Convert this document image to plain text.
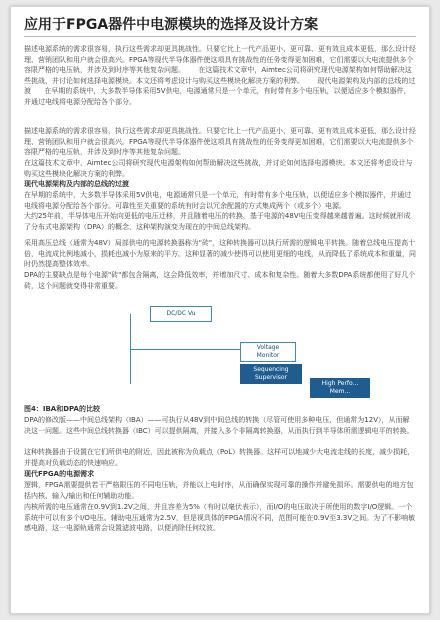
应用于FPGA器件中电源模块的选择及设计方案
描述电源系统的需求很容易，执行这些需求却更具挑战性。只要它比上一代产品更小、更可靠、更有效且成本更低，那么设计经理、营销团队和用户就会很高兴。FPGA等现代半导体器件使这项具有挑战性的任务变得更加困难，它们需要以大电流提供多个容限严格的电压轨，并涉及到时序等其他复杂问题。      在这篇技术文章中，Aimtec公司将研究现代电源架构如何帮助解决这些挑战，并讨论如何选择电源模块。本文还将考虑设计与购买这些模块化解决方案的利弊。      现代电源架构及内部的总线的过渡      在早期的系统中，大多数半导体采用5V供电，电源通常只是一个单元，有时带有多个电压轨，以便适应多个模拟器件，并通过电线将电源分配给各个部分。
描述电源系统的需求很容易，执行这些需求却更具挑战性。只要它比上一代产品更小、更可靠、更有效且成本更低，那么设计经理、营销团队和用户就会很高兴。FPGA等现代半导体器件使这项具有挑战性的任务变得更加困难，它们需要以大电流提供多个容限严格的电压轨，并涉及到时序等其他复杂问题。
在这篇技术文章中，Aimtec公司将研究现代电源架构如何帮助解决这些挑战，并讨论如何选择电源模块。本文还将考虑设计与购买这些模块化解决方案的利弊。
现代电源架构及内部的总线的过渡
在早期的系统中，大多数半导体采用5V供电，电源通常只是一个单元，有时带有多个电压轨，以便适应多个模拟器件，并通过电线将电源分配给各个部分。可靠性至关重要的系统有时会以冗余配置的方式集成两个（或多个）电源。
大约25年前，半导体电压开始向更低的电压迁移，并且随着电压的转换，基于电源的48V电压变得越来越普遍。这时候就形成了分布式电源架构（DPA）的概念，这种架构演变为现在的中间总线架构。
采用高压总线（通常为48V）局部供电的电源转换器称为"砖"，这种转换器可以执行所需的逻辑电平转换。随着总线电压提高十倍，电流成比例地减小，损耗也减小为原来的平方。这种显著的减少使得可以使用更细的电线，从而降低了系统成本和重量，同时仍然提高整体效率。
DPA的主要缺点是每个电源"砖"都包含隔离，这会降低效率，并增加尺寸、成本和复杂性。随着大多数DPA系统都使用了好几个砖，这个问题就变得非常重要。
DC/DC Vu
Voltage
Monitor
Sequencing
Supervisor
High Perfo...
Mem...
图4：IBA和DPA的比较
DPA的修改版——中间总线架构（IBA）——可执行从48V到中间总线的转换（尽管可使用多种电压，但通常为12V），从而解决这一问题。这些中间总线转换器（IBC）可以提供隔离，并接入多个非隔离转换器，从而执行到半导体所需逻辑电平的转换。
这种转换器由于设置在它们所供电的附近，因此被称为负载点（PoL）转换器。这样可以地减少大电流走线的长度，减少损耗，并提高对负载动态的快速响应。
现代FPGA的电源需求
逻辑，FPGA需要提供若干严格限压的不同电压轨，并能以上电时序，从而确保实现可靠的操作并避免损坏。需要供电的地方包括内核、输入/输出和任何辅助功能。
内核所需的电压通常在0.9V到1.2V之间，并且容差为5%（有时以毫伏表示），而I/O的电压取决于所使用的数字I/O逻辑。一个系统中可以有多个I/O电压。辅助电压通常为2.5V，但是视具体的FPGA情况不同，范围可能在0.9V至3.3V之间。为了不影响敏感电路，这一电源轨通常会设置滤波电路，以便消除任何纹波。
